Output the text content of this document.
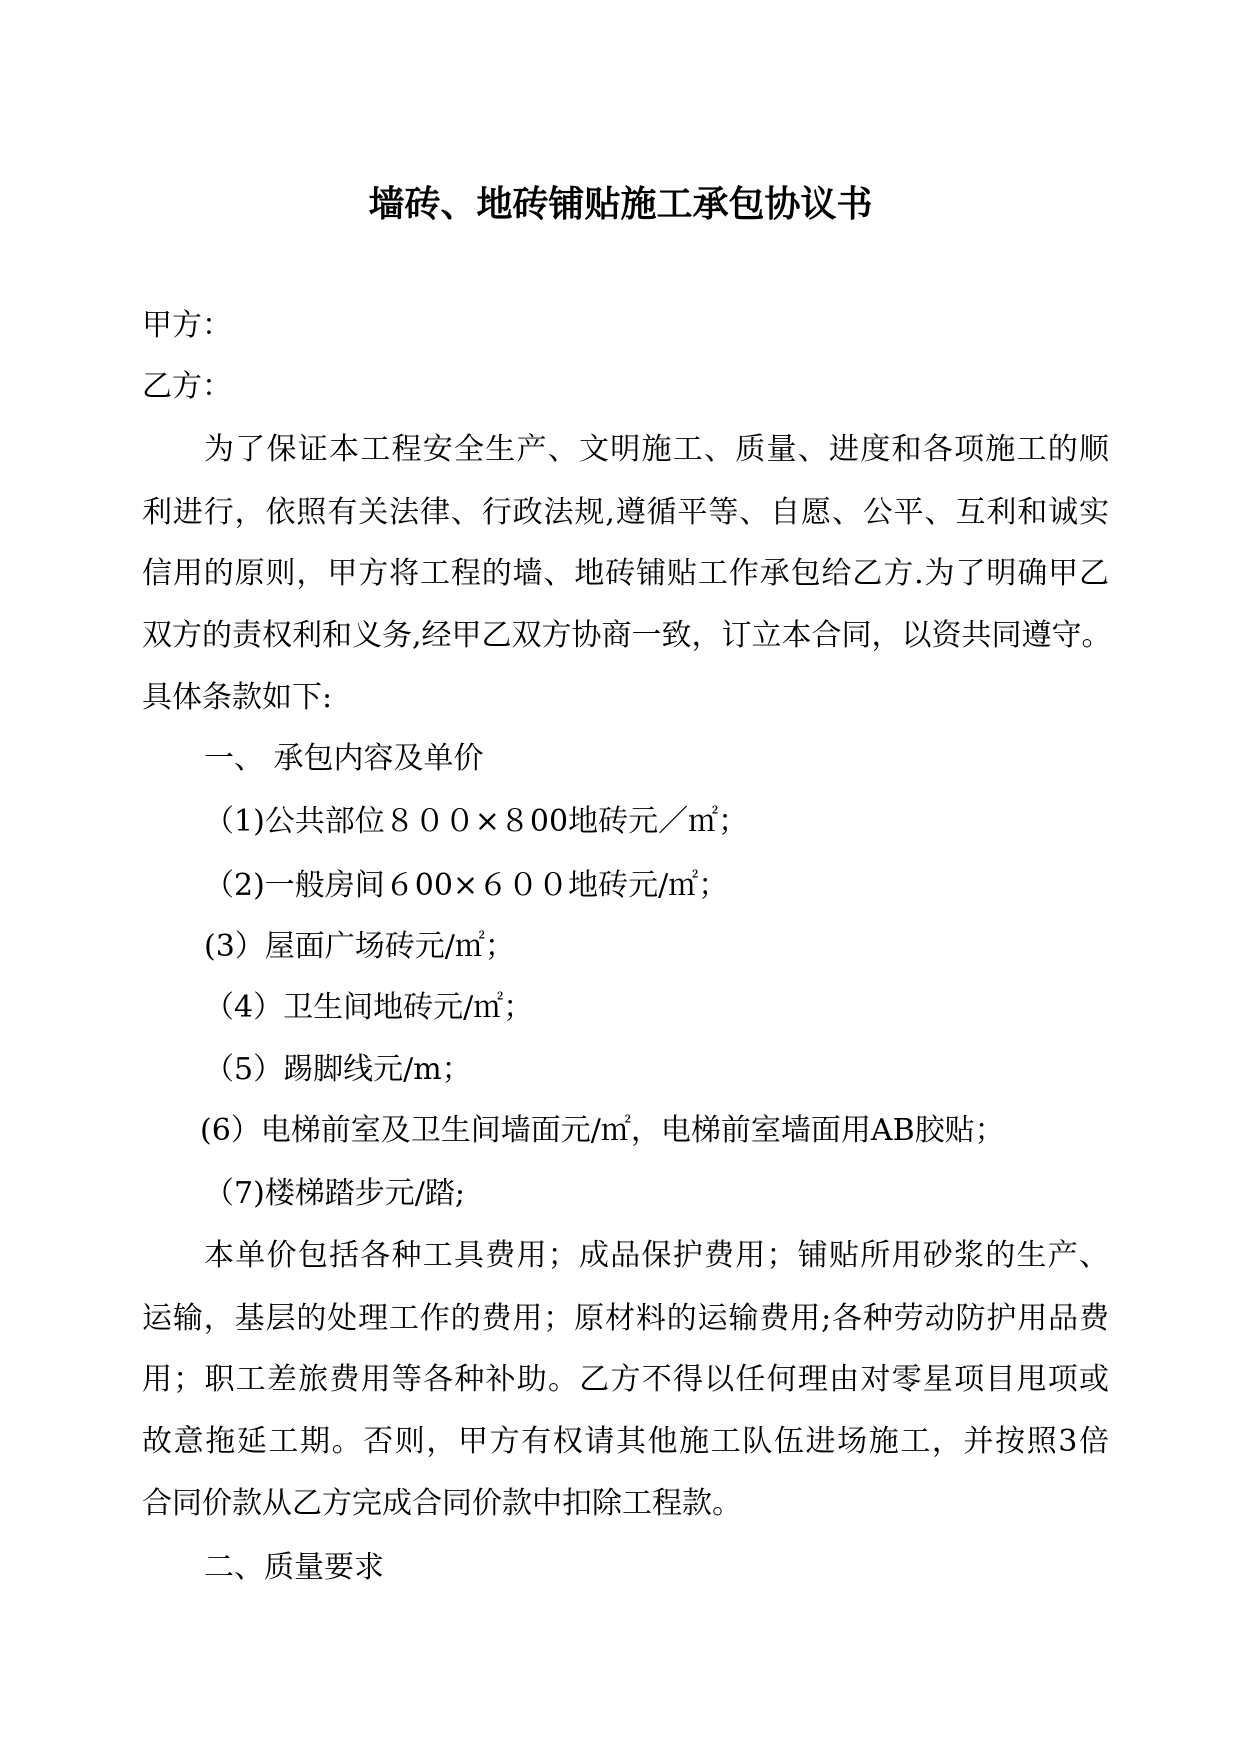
墙砖、地砖铺贴施工承包协议书
甲方：
乙方：
为了保证本工程安全生产、文明施工、质量、进度和各项施工的顺
利进行，依照有关法律、行政法规,遵循平等、自愿、公平、互利和诚实
信用的原则，甲方将工程的墙、地砖铺贴工作承包给乙方.为了明确甲乙
双方的责权利和义务,经甲乙双方协商一致，订立本合同，以资共同遵守。
具体条款如下:
一、 承包内容及单价
（1)公共部位８００×８00地砖元／㎡；
（2)一般房间６00×６００地砖元/㎡；
(3）屋面广场砖元/㎡；
（4）卫生间地砖元/㎡；
（5）踢脚线元/m；
(6）电梯前室及卫生间墙面元/㎡，电梯前室墙面用AB胶贴；
（7)楼梯踏步元/踏;
本单价包括各种工具费用；成品保护费用；铺贴所用砂浆的生产、
运输，基层的处理工作的费用；原材料的运输费用;各种劳动防护用品费
用；职工差旅费用等各种补助。乙方不得以任何理由对零星项目甩项或
故意拖延工期。否则，甲方有权请其他施工队伍进场施工，并按照3倍
合同价款从乙方完成合同价款中扣除工程款。
二、质量要求
